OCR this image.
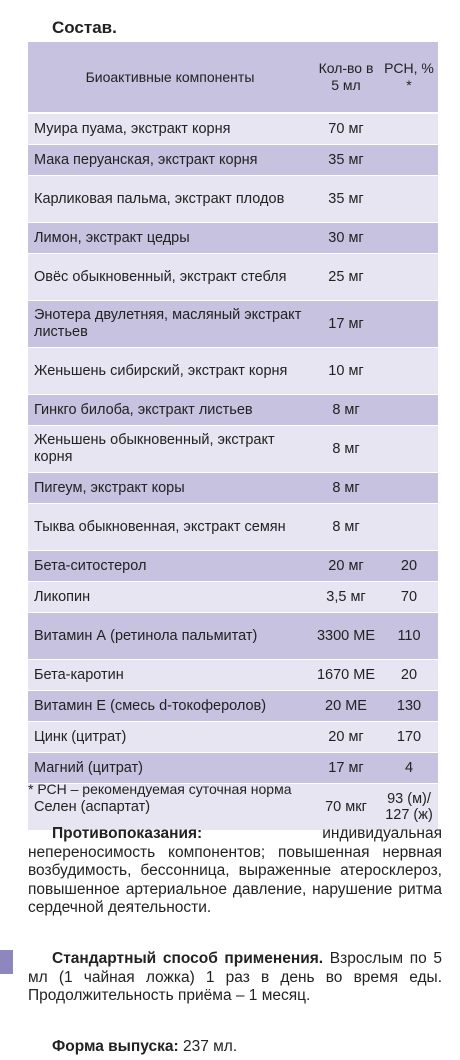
Состав.
Биоактивные компоненты	Кол-во в 5 мл	РСН, % *
Муира пуама, экстракт корня	70 мг	
Мака перуанская, экстракт корня	35 мг	
Карликовая пальма, экстракт плодов	35 мг	
Лимон, экстракт цедры	30 мг	
Овёс обыкновенный, экстракт стебля	25 мг	
Энотера двулетняя, масляный экстракт листьев	17 мг	
Женьшень сибирский, экстракт корня	10 мг	
Гинкго билоба, экстракт листьев	8 мг	
Женьшень обыкновенный, экстракт корня	8 мг	
Пигеум, экстракт коры	8 мг	
Тыква обыкновенная, экстракт семян	8 мг	
Бета-ситостерол	20 мг	20
Ликопин	3,5 мг	70
Витамин А (ретинола пальмитат)	3300 МЕ	110
Бета-каротин	1670 МЕ	20
Витамин Е (смесь d-токоферолов)	20 МЕ	130
Цинк (цитрат)	20 мг	170
Магний (цитрат)	17 мг	4
Селен (аспартат)	70 мкг	93 (м)/ 127 (ж)
* РСН – рекомендуемая суточная норма

Противопоказания: индивидуальная непереносимость компонентов; повышенная нервная возбудимость, бессонница, выраженные атеросклероз, повышенное артериальное давление, нарушение ритма сердечной деятельности.

Стандартный способ применения. Взрослым по 5 мл (1 чайная ложка) 1 раз в день во время еды. Продолжительность приёма – 1 месяц.

Форма выпуска: 237 мл.
